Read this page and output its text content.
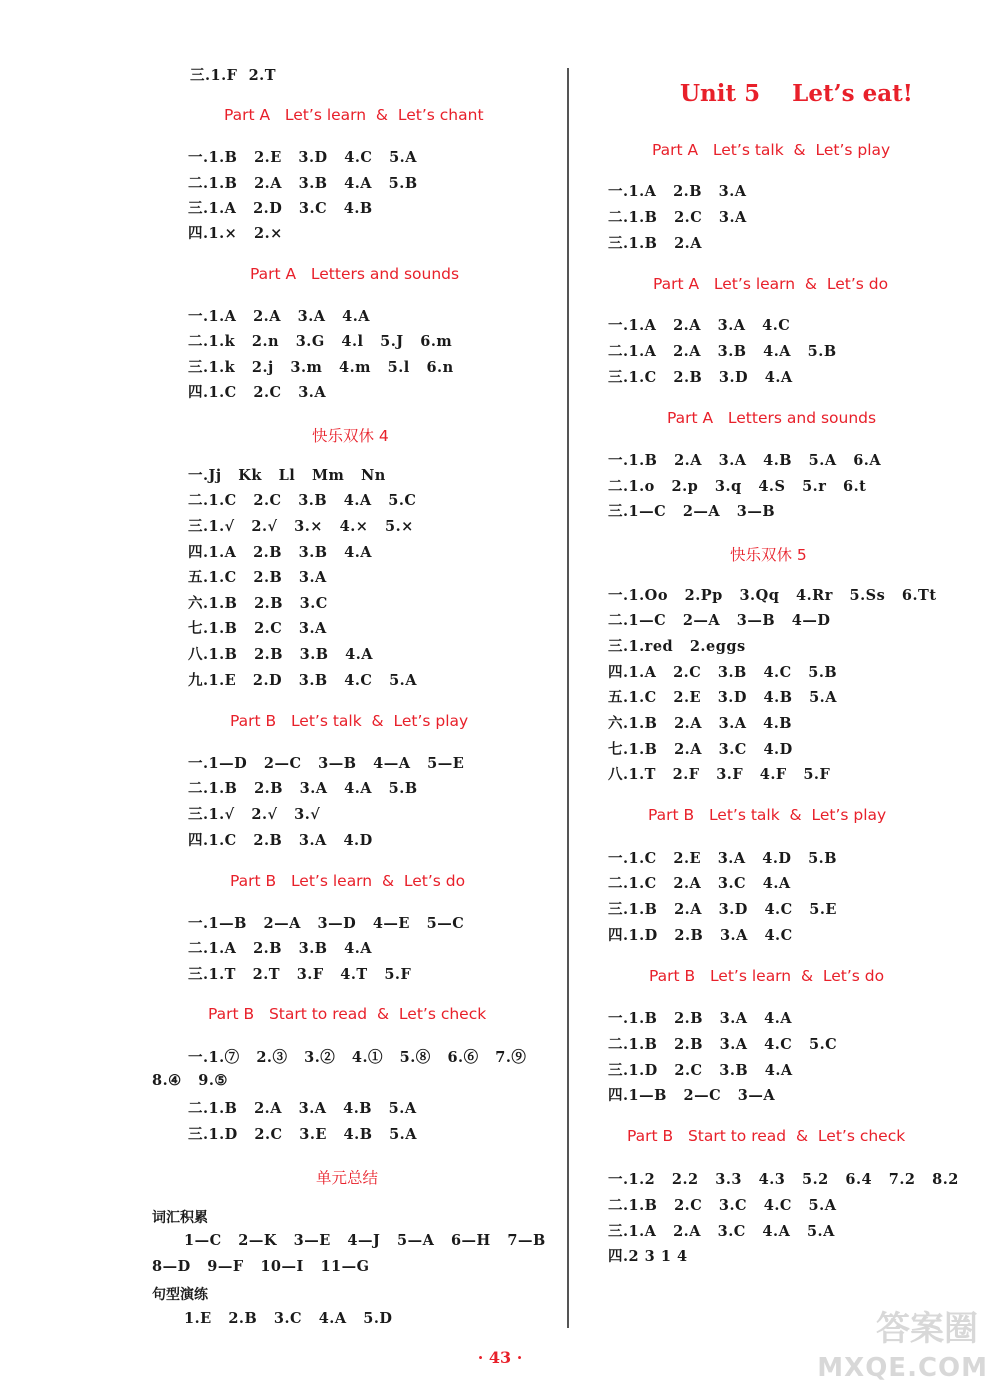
三.1.F  2.T
Part A   Let’s learn  &  Let’s chant
一.1.B   2.E   3.D   4.C   5.A
二.1.B   2.A   3.B   4.A   5.B
三.1.A   2.D   3.C   4.B
四.1.×   2.×
Part A   Letters and sounds
一.1.A   2.A   3.A   4.A
二.1.k   2.n   3.G   4.l   5.J   6.m
三.1.k   2.j   3.m   4.m   5.l   6.n
四.1.C   2.C   3.A
快乐双休 4
一.Jj   Kk   Ll   Mm   Nn
二.1.C   2.C   3.B   4.A   5.C
三.1.√   2.√   3.×   4.×   5.×
四.1.A   2.B   3.B   4.A
五.1.C   2.B   3.A
六.1.B   2.B   3.C
七.1.B   2.C   3.A
八.1.B   2.B   3.B   4.A
九.1.E   2.D   3.B   4.C   5.A
Part B   Let’s talk  &  Let’s play
一.1—D   2—C   3—B   4—A   5—E
二.1.B   2.B   3.A   4.A   5.B
三.1.√   2.√   3.√
四.1.C   2.B   3.A   4.D
Part B   Let’s learn  &  Let’s do
一.1—B   2—A   3—D   4—E   5—C
二.1.A   2.B   3.B   4.A
三.1.T   2.T   3.F   4.T   5.F
Part B   Start to read  &  Let’s check
一.1.⑦   2.③   3.②   4.①   5.⑧   6.⑥   7.⑨
8.④   9.⑤
二.1.B   2.A   3.A   4.B   5.A
三.1.D   2.C   3.E   4.B   5.A
单元总结
词汇积累
1—C   2—K   3—E   4—J   5—A   6—H   7—B
8—D   9—F   10—I   11—G
句型演练
1.E   2.B   3.C   4.A   5.D
Unit 5    Let’s eat!
Part A   Let’s talk  &  Let’s play
一.1.A   2.B   3.A
二.1.B   2.C   3.A
三.1.B   2.A
Part A   Let’s learn  &  Let’s do
一.1.A   2.A   3.A   4.C
二.1.A   2.A   3.B   4.A   5.B
三.1.C   2.B   3.D   4.A
Part A   Letters and sounds
一.1.B   2.A   3.A   4.B   5.A   6.A
二.1.o   2.p   3.q   4.S   5.r   6.t
三.1—C   2—A   3—B
快乐双休 5
一.1.Oo   2.Pp   3.Qq   4.Rr   5.Ss   6.Tt
二.1—C   2—A   3—B   4—D
三.1.red   2.eggs
四.1.A   2.C   3.B   4.C   5.B
五.1.C   2.E   3.D   4.B   5.A
六.1.B   2.A   3.A   4.B
七.1.B   2.A   3.C   4.D
八.1.T   2.F   3.F   4.F   5.F
Part B   Let’s talk  &  Let’s play
一.1.C   2.E   3.A   4.D   5.B
二.1.C   2.A   3.C   4.A
三.1.B   2.A   3.D   4.C   5.E
四.1.D   2.B   3.A   4.C
Part B   Let’s learn  &  Let’s do
一.1.B   2.B   3.A   4.A
二.1.B   2.B   3.A   4.C   5.C
三.1.D   2.C   3.B   4.A
四.1—B   2—C   3—A
Part B   Start to read  &  Let’s check
一.1.2   2.2   3.3   4.3   5.2   6.4   7.2   8.2
二.1.B   2.C   3.C   4.C   5.A
三.1.A   2.A   3.C   4.A   5.A
四.2 3 1 4
· 43 ·
答案圈
MXQE.COM
